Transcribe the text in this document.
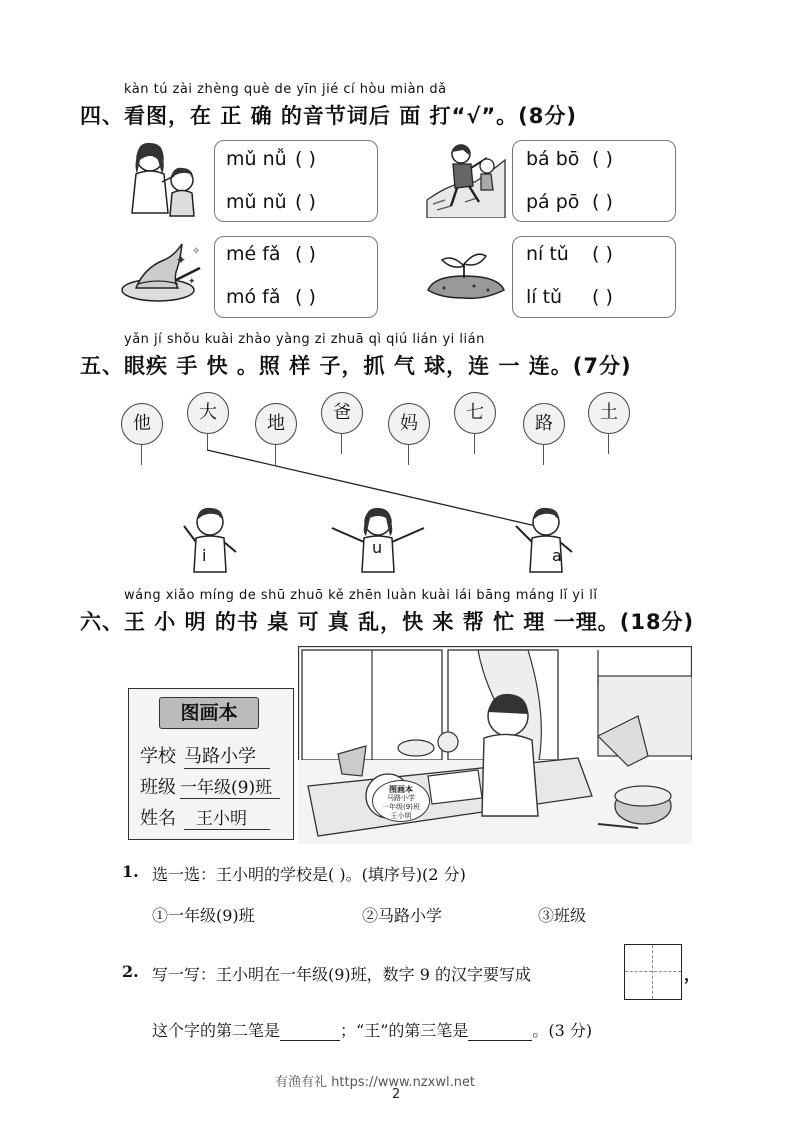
kàn tú zài zhèng què de yīn jié cí hòu miàn dǎ
四、看图，在 正 确 的音节词后 面 打“√”。(8分)
mǔ nǚ ( )
mǔ nǔ ( )
bá bō ( )
pá pō ( )
✦
✧
✦
mé fǎ ( )
mó fǎ ( )
ní tǔ ( )
lí tǔ ( )
yǎn jí shǒu kuài zhào yàng zi zhuā qì qiú lián yi lián
五、眼疾 手 快 。照 样 子，抓 气 球，连 一 连。(7分)
他
大
地
爸
妈
七
路
土
i	u	a
wáng xiǎo míng de shū zhuō kě zhēn luàn kuài lái bāng máng lǐ yi lǐ
六、王 小 明 的书 桌 可 真 乱，快 来 帮 忙 理 一理。(18分)
图画本
学校 马路小学
班级 一年级(9)班
姓名 王小明
图画本
马路小学
一年级(9)班
王小明
1. 选一选：王小明的学校是( )。(填序号)(2 分)
①一年级(9)班	②马路小学	③班级
2. 写一写：王小明在一年级(9)班，数字 9 的汉字要写成	，
这个字的第二笔是	；“王”的第三笔是	。(3 分)
有渔有礼 https://www.nzxwl.net
2
